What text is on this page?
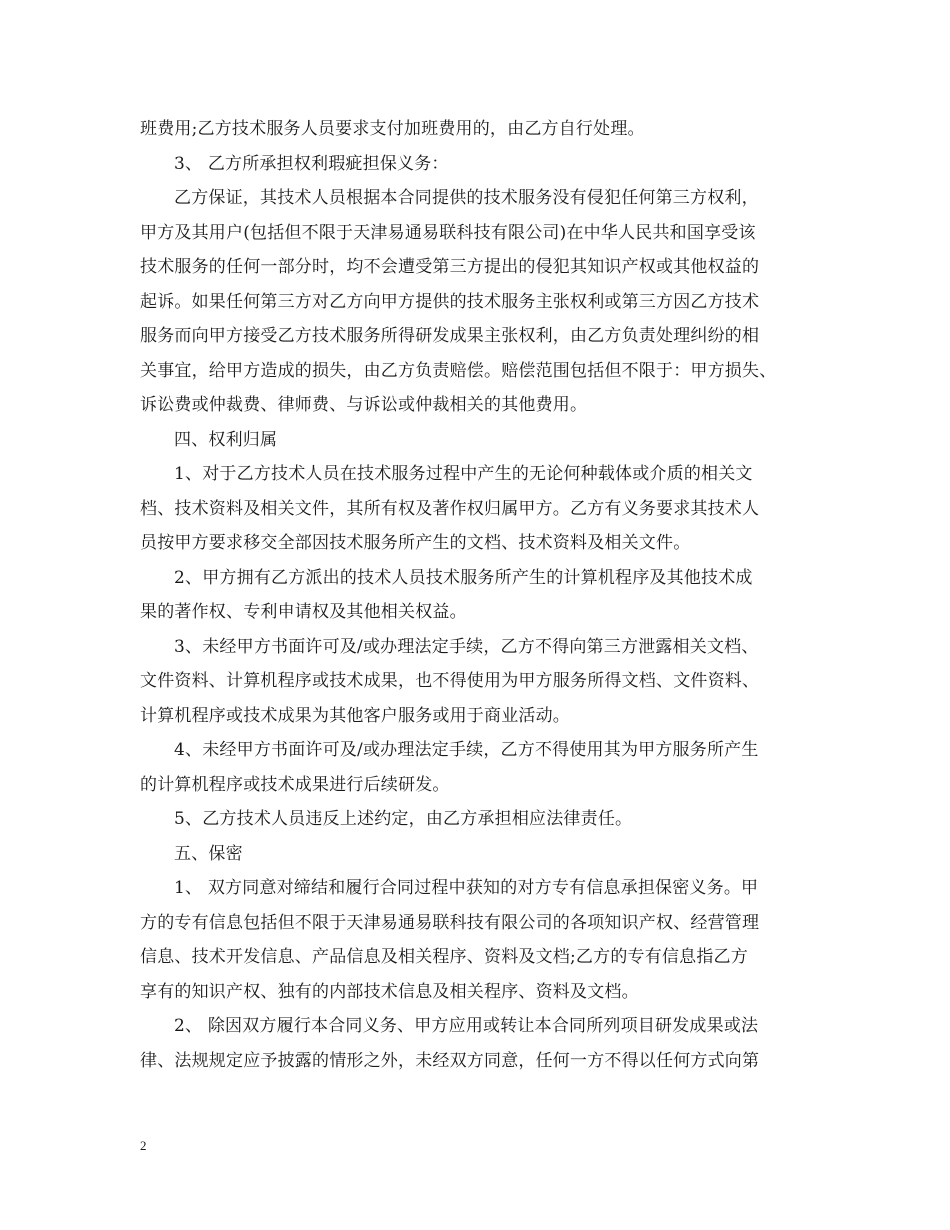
班费用;乙方技术服务人员要求支付加班费用的，由乙方自行处理。
3、 乙方所承担权利瑕疵担保义务：
乙方保证，其技术人员根据本合同提供的技术服务没有侵犯任何第三方权利，
甲方及其用户(包括但不限于天津易通易联科技有限公司)在中华人民共和国享受该
技术服务的任何一部分时，均不会遭受第三方提出的侵犯其知识产权或其他权益的
起诉。如果任何第三方对乙方向甲方提供的技术服务主张权利或第三方因乙方技术
服务而向甲方接受乙方技术服务所得研发成果主张权利，由乙方负责处理纠纷的相
关事宜，给甲方造成的损失，由乙方负责赔偿。赔偿范围包括但不限于：甲方损失、
诉讼费或仲裁费、律师费、与诉讼或仲裁相关的其他费用。
四、权利归属
1、对于乙方技术人员在技术服务过程中产生的无论何种载体或介质的相关文
档、技术资料及相关文件，其所有权及著作权归属甲方。乙方有义务要求其技术人
员按甲方要求移交全部因技术服务所产生的文档、技术资料及相关文件。
2、甲方拥有乙方派出的技术人员技术服务所产生的计算机程序及其他技术成
果的著作权、专利申请权及其他相关权益。
3、未经甲方书面许可及/或办理法定手续，乙方不得向第三方泄露相关文档、
文件资料、计算机程序或技术成果，也不得使用为甲方服务所得文档、文件资料、
计算机程序或技术成果为其他客户服务或用于商业活动。
4、未经甲方书面许可及/或办理法定手续，乙方不得使用其为甲方服务所产生
的计算机程序或技术成果进行后续研发。
5、乙方技术人员违反上述约定，由乙方承担相应法律责任。
五、保密
1、 双方同意对缔结和履行合同过程中获知的对方专有信息承担保密义务。甲
方的专有信息包括但不限于天津易通易联科技有限公司的各项知识产权、经营管理
信息、技术开发信息、产品信息及相关程序、资料及文档;乙方的专有信息指乙方
享有的知识产权、独有的内部技术信息及相关程序、资料及文档。
2、 除因双方履行本合同义务、甲方应用或转让本合同所列项目研发成果或法
律、法规规定应予披露的情形之外，未经双方同意，任何一方不得以任何方式向第
2
